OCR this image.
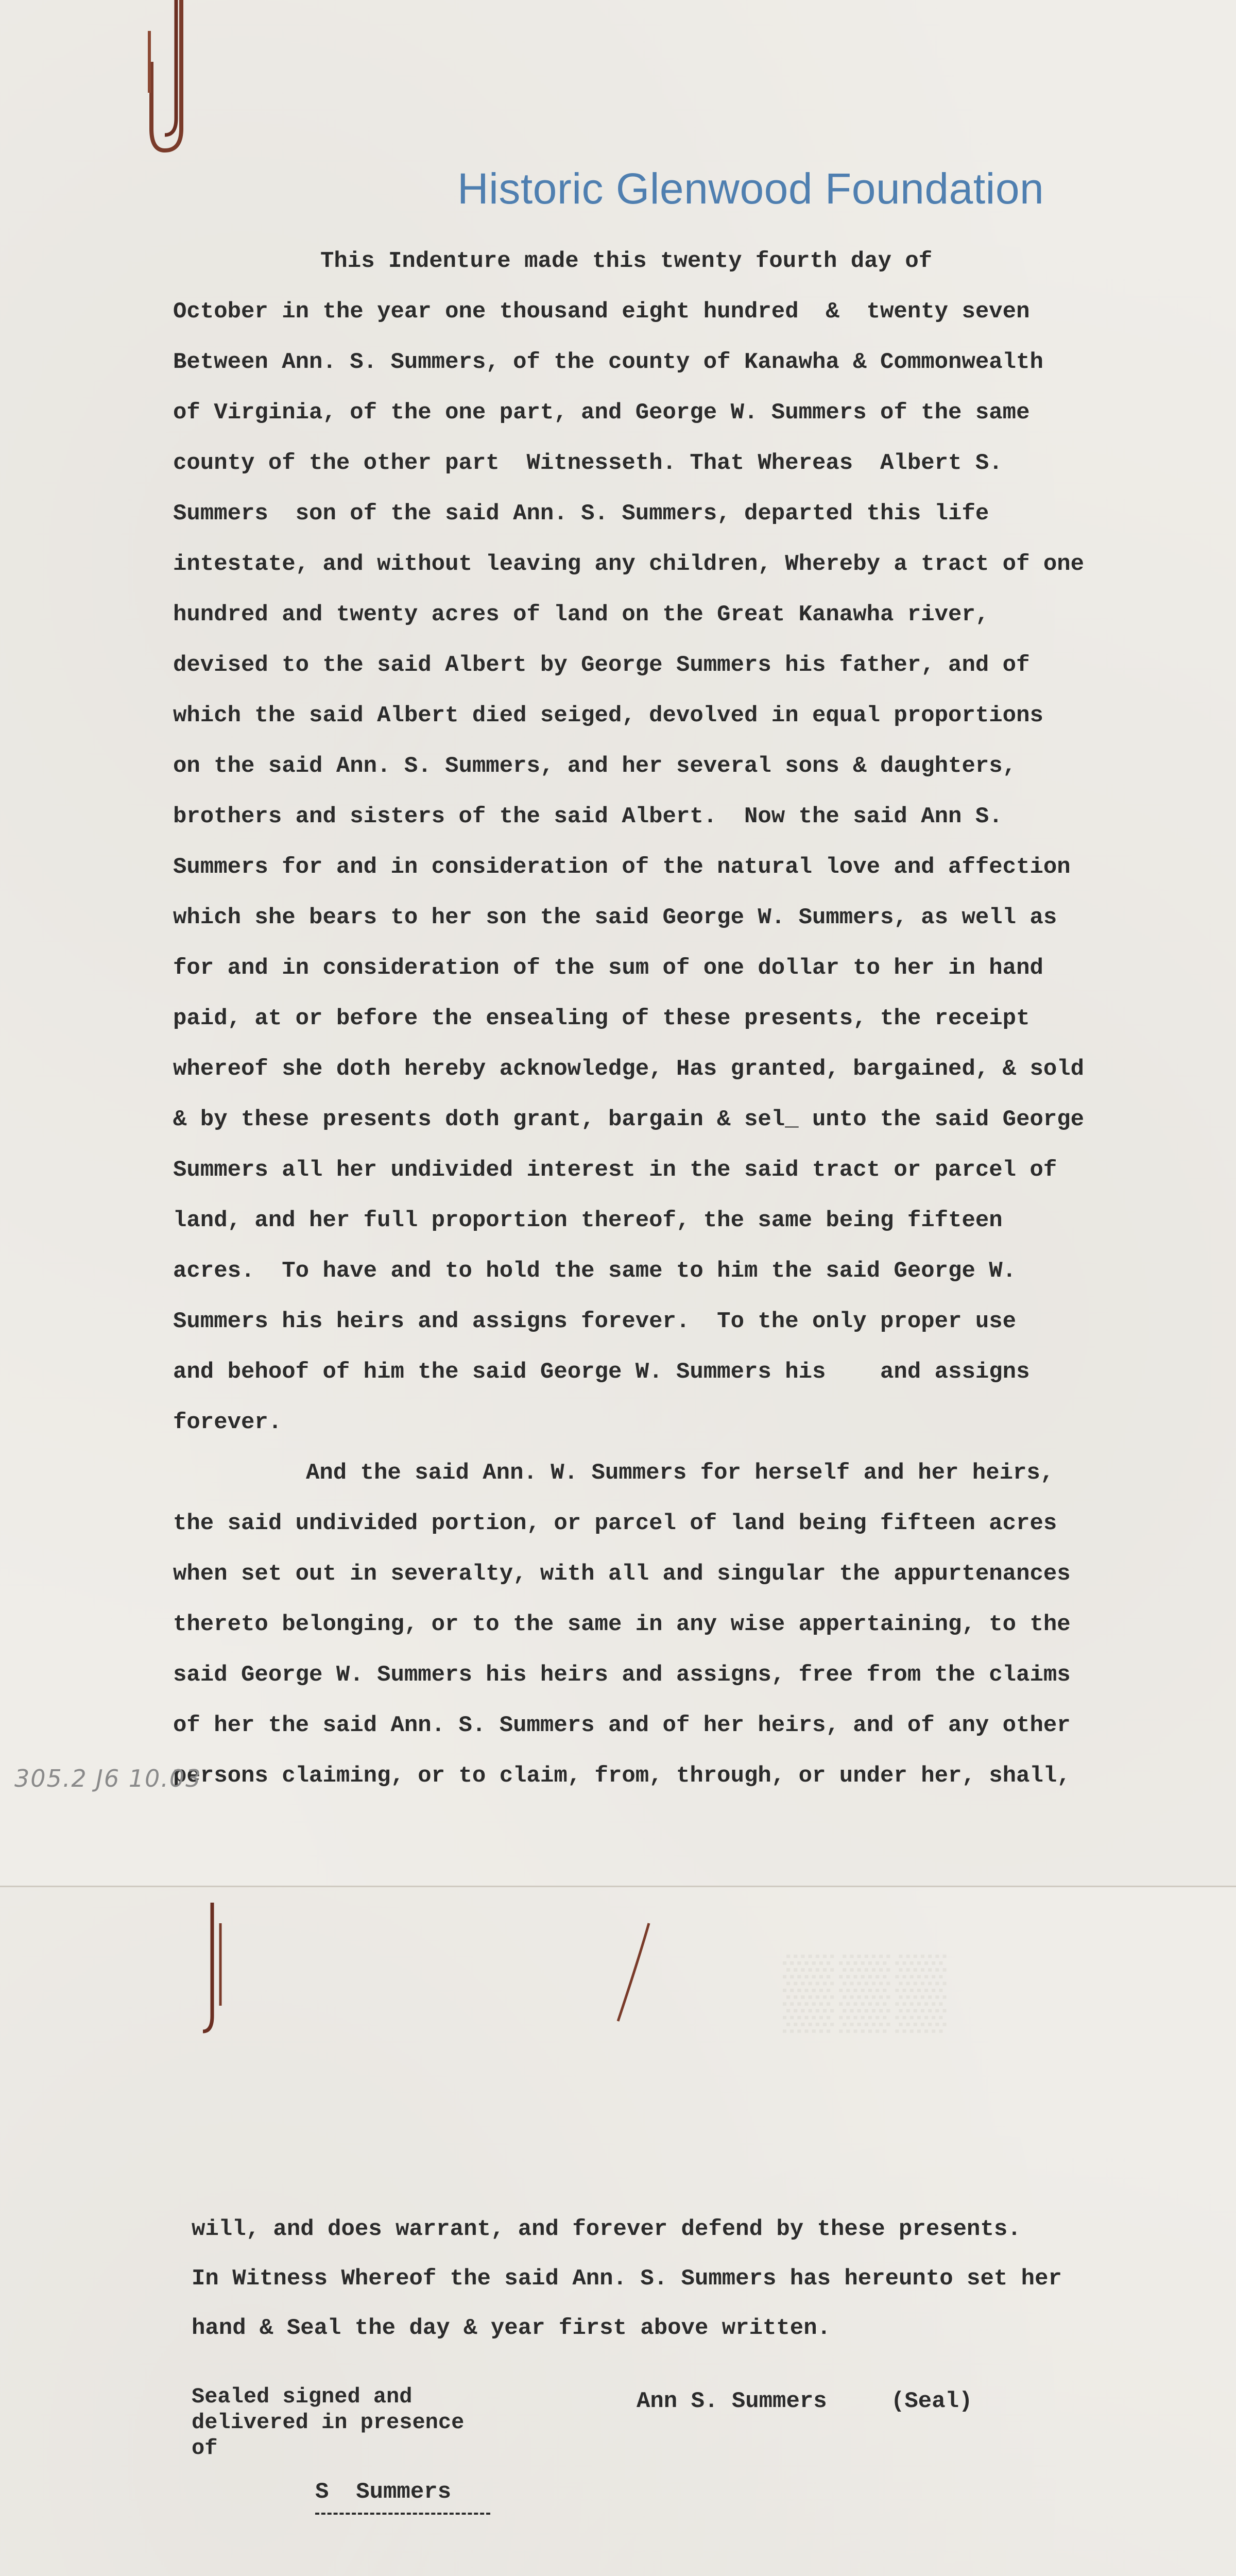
Historic Glenwood Foundation
This Indenture made this twenty fourth day of
October in the year one thousand eight hundred  &  twenty seven
Between Ann. S. Summers, of the county of Kanawha & Commonwealth
of Virginia, of the one part, and George W. Summers of the same
county of the other part  Witnesseth. That Whereas  Albert S.
Summers  son of the said Ann. S. Summers, departed this life
intestate, and without leaving any children, Whereby a tract of one
hundred and twenty acres of land on the Great Kanawha river,
devised to the said Albert by George Summers his father, and of
which the said Albert died seiged, devolved in equal proportions
on the said Ann. S. Summers, and her several sons & daughters,
brothers and sisters of the said Albert.  Now the said Ann S.
Summers for and in consideration of the natural love and affection
which she bears to her son the said George W. Summers, as well as
for and in consideration of the sum of one dollar to her in hand
paid, at or before the ensealing of these presents, the receipt
whereof she doth hereby acknowledge, Has granted, bargained, & sold
& by these presents doth grant, bargain & sel_ unto the said George
Summers all her undivided interest in the said tract or parcel of
land, and her full proportion thereof, the same being fifteen
acres.  To have and to hold the same to him the said George W.
Summers his heirs and assigns forever.  To the only proper use
and behoof of him the said George W. Summers his    and assigns
forever.
And the said Ann. W. Summers for herself and her heirs,
the said undivided portion, or parcel of land being fifteen acres
when set out in severalty, with all and singular the appurtenances
thereto belonging, or to the same in any wise appertaining, to the
said George W. Summers his heirs and assigns, free from the claims
of her the said Ann. S. Summers and of her heirs, and of any other
persons claiming, or to claim, from, through, or under her, shall,
305.2 J6 10.03
▒▒▒
will, and does warrant, and forever defend by these presents.
In Witness Whereof the said Ann. S. Summers has hereunto set her
hand & Seal the day & year first above written.
Sealed signed and
delivered in presence
of
Ann S. Summers	(Seal)
S  Summers
